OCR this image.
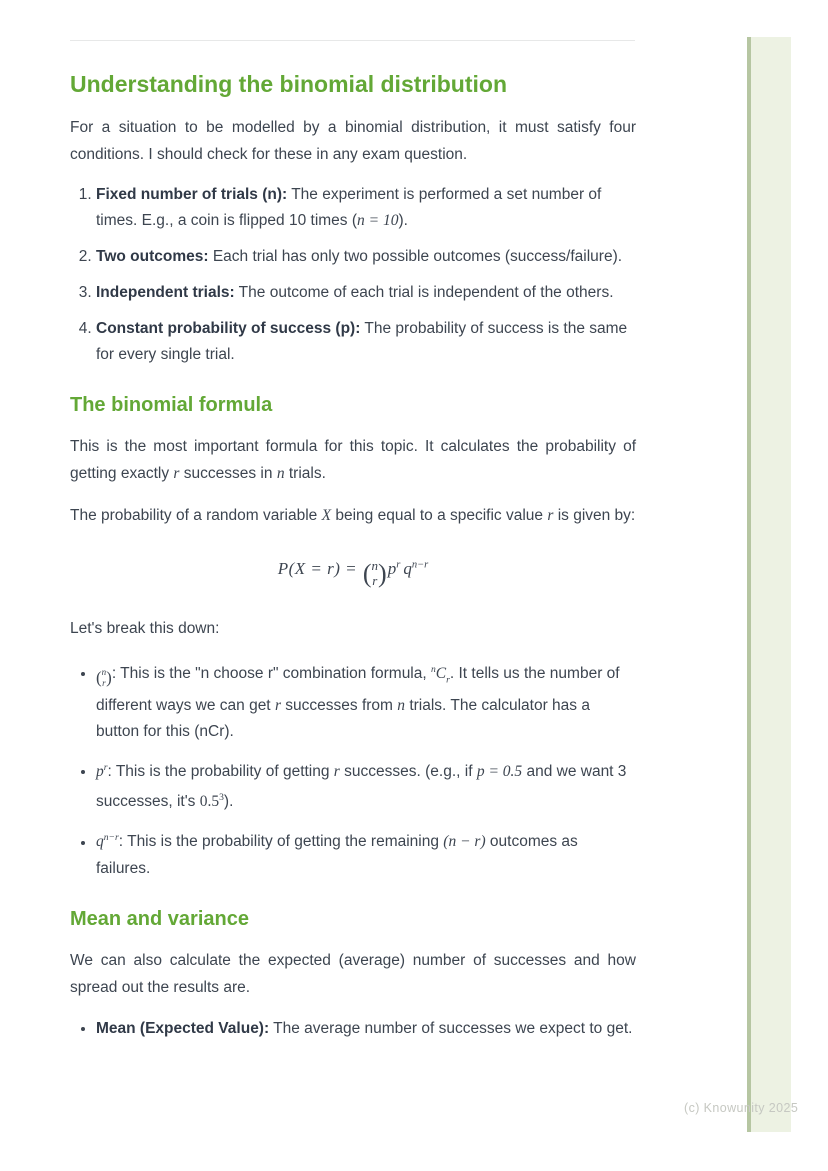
Understanding the binomial distribution

For a situation to be modelled by a binomial distribution, it must satisfy four conditions. I should check for these in any exam question.

1. Fixed number of trials (n): The experiment is performed a set number of times. E.g., a coin is flipped 10 times (n = 10).
2. Two outcomes: Each trial has only two possible outcomes (success/failure).
3. Independent trials: The outcome of each trial is independent of the others.
4. Constant probability of success (p): The probability of success is the same for every single trial.
The binomial formula

This is the most important formula for this topic. It calculates the probability of getting exactly r successes in n trials.

The probability of a random variable X being equal to a specific value r is given by:

P(X = r) = ( n
r ) $p^r$ $q^{n-r}$

Let's break this down:

• ( n
r ) : This is the "n choose r" combination formula, $^nC_r$. It tells us the number of different ways we can get r successes from n trials. The calculator has a button for this (nCr).
• $p^r$: This is the probability of getting r successes. (e.g., if p = 0.5 and we want 3 successes, it's $0.5^3$).
• $q^{n-r}$: This is the probability of getting the remaining (n − r) outcomes as failures.
Mean and variance

We can also calculate the expected (average) number of successes and how spread out the results are.

• Mean (Expected Value): The average number of successes we expect to get.
(c) Knowunity 2025
